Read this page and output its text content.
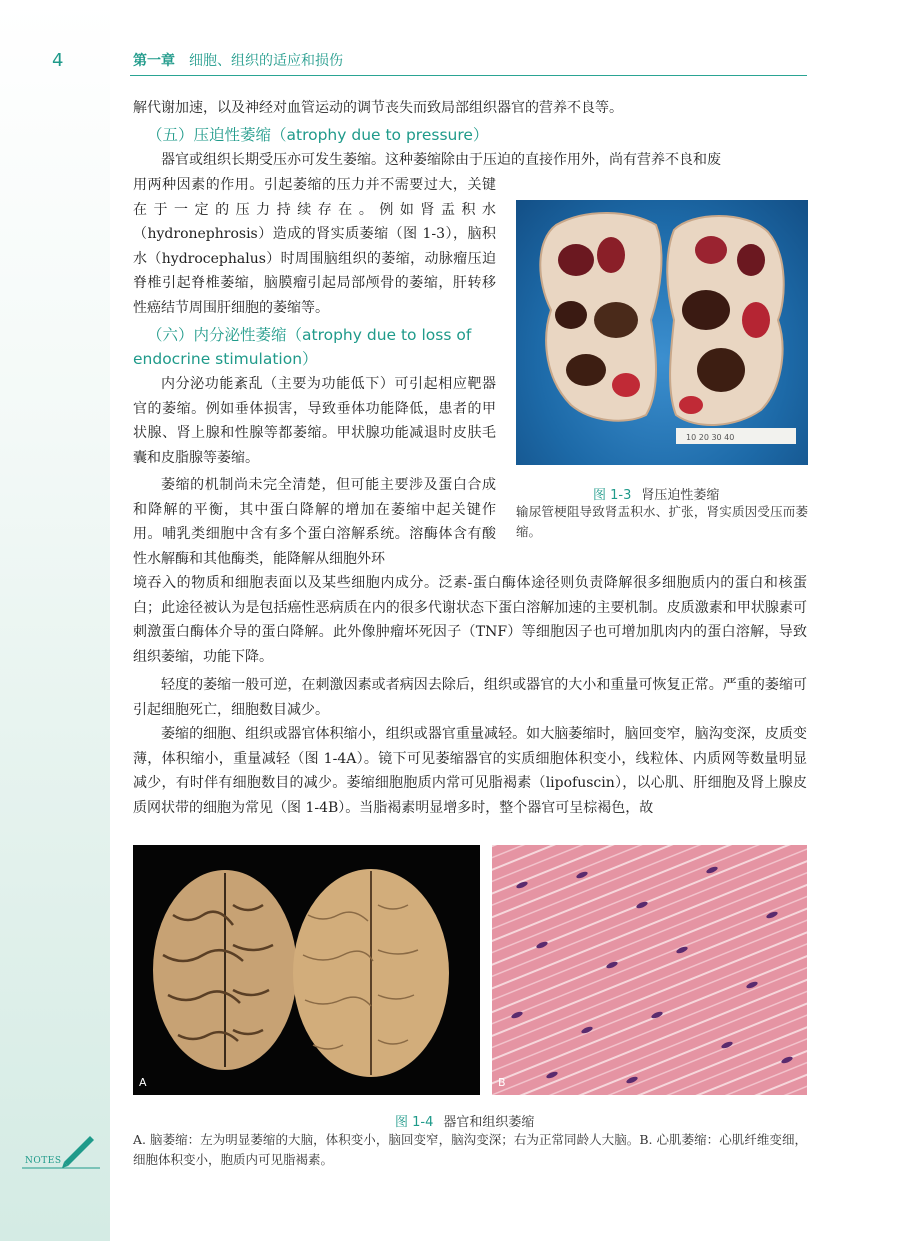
4	第一章 细胞、组织的适应和损伤

解代谢加速，以及神经对血管运动的调节丧失而致局部组织器官的营养不良等。

（五）压迫性萎缩（atrophy due to pressure）

器官或组织长期受压亦可发生萎缩。这种萎缩除由于压迫的直接作用外，尚有营养不良和废

用两种因素的作用。引起萎缩的压力并不需要过大，关键在于一定的压力持续存在。例如肾盂积水（hydronephrosis）造成的肾实质萎缩（图 1-3），脑积水（hydrocephalus）时周围脑组织的萎缩，动脉瘤压迫脊椎引起脊椎萎缩，脑膜瘤引起局部颅骨的萎缩，肝转移性癌结节周围肝细胞的萎缩等。

（六）内分泌性萎缩（atrophy due to loss of
endocrine stimulation）

内分泌功能紊乱（主要为功能低下）可引起相应靶器官的萎缩。例如垂体损害，导致垂体功能降低，患者的甲状腺、肾上腺和性腺等都萎缩。甲状腺功能减退时皮肤毛囊和皮脂腺等萎缩。

萎缩的机制尚未完全清楚，但可能主要涉及蛋白合成和降解的平衡，其中蛋白降解的增加在萎缩中起关键作用。哺乳类细胞中含有多个蛋白溶解系统。溶酶体含有酸性水解酶和其他酶类，能降解从细胞外环

境吞入的物质和细胞表面以及某些细胞内成分。泛素-蛋白酶体途径则负责降解很多细胞质内的蛋白和核蛋白；此途径被认为是包括癌性恶病质在内的很多代谢状态下蛋白溶解加速的主要机制。皮质激素和甲状腺素可刺激蛋白酶体介导的蛋白降解。此外像肿瘤坏死因子（TNF）等细胞因子也可增加肌肉内的蛋白溶解，导致组织萎缩，功能下降。

轻度的萎缩一般可逆，在刺激因素或者病因去除后，组织或器官的大小和重量可恢复正常。严重的萎缩可引起细胞死亡，细胞数目减少。

萎缩的细胞、组织或器官体积缩小，组织或器官重量减轻。如大脑萎缩时，脑回变窄，脑沟变深，皮质变薄，体积缩小，重量减轻（图 1-4A）。镜下可见萎缩器官的实质细胞体积变小，线粒体、内质网等数量明显减少，有时伴有细胞数目的减少。萎缩细胞胞质内常可见脂褐素（lipofuscin），以心肌、肝细胞及肾上腺皮质网状带的细胞为常见（图 1-4B）。当脂褐素明显增多时，整个器官可呈棕褐色，故

10 20 30 40
图 1-3 肾压迫性萎缩
输尿管梗阻导致肾盂积水、扩张，肾实质因受压而萎缩。
A	B
图 1-4 器官和组织萎缩
A. 脑萎缩：左为明显萎缩的大脑，体积变小，脑回变窄，脑沟变深；右为正常同龄人大脑。B. 心肌萎缩：心肌纤维变细，细胞体积变小，胞质内可见脂褐素。
NOTES
